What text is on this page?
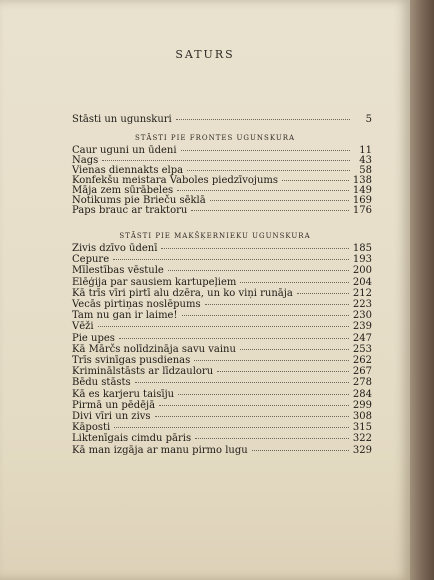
SATURS
Stāsti un ugunskuri	5
STĀSTI PIE FRONTES UGUNSKURA
Caur uguni un ūdeni	11
Nags	43
Vienas diennakts elpa	58
Konfekšu meistara Vaboles piedzīvojums	138
Māja zem sūrābeles	149
Notikums pie Brieču sēklā	169
Paps brauc ar traktoru	176
STĀSTI PIE MAKŠĶERNIEKU UGUNSKURA
Zivis dzīvo ūdenī	185
Cepure	193
Mīlestības vēstule	200
Elēģija par sausiem kartupeļiem	204
Kā trīs vīri pirtī alu dzēra, un ko viņi runāja	212
Vecās pirtiņas noslēpums	223
Tam nu gan ir laime!	230
Vēži	239
Pie upes	247
Kā Mārčs nolīdzināja savu vainu	253
Trīs svinīgas pusdienas	262
Kriminālstāsts ar līdzauloru	267
Bēdu stāsts	278
Kā es karjeru taisīju	284
Pirmā un pēdējā	299
Divi vīri un zivs	308
Kāposti	315
Liktenīgais cimdu pāris	322
Kā man izgāja ar manu pirmo lugu	329
